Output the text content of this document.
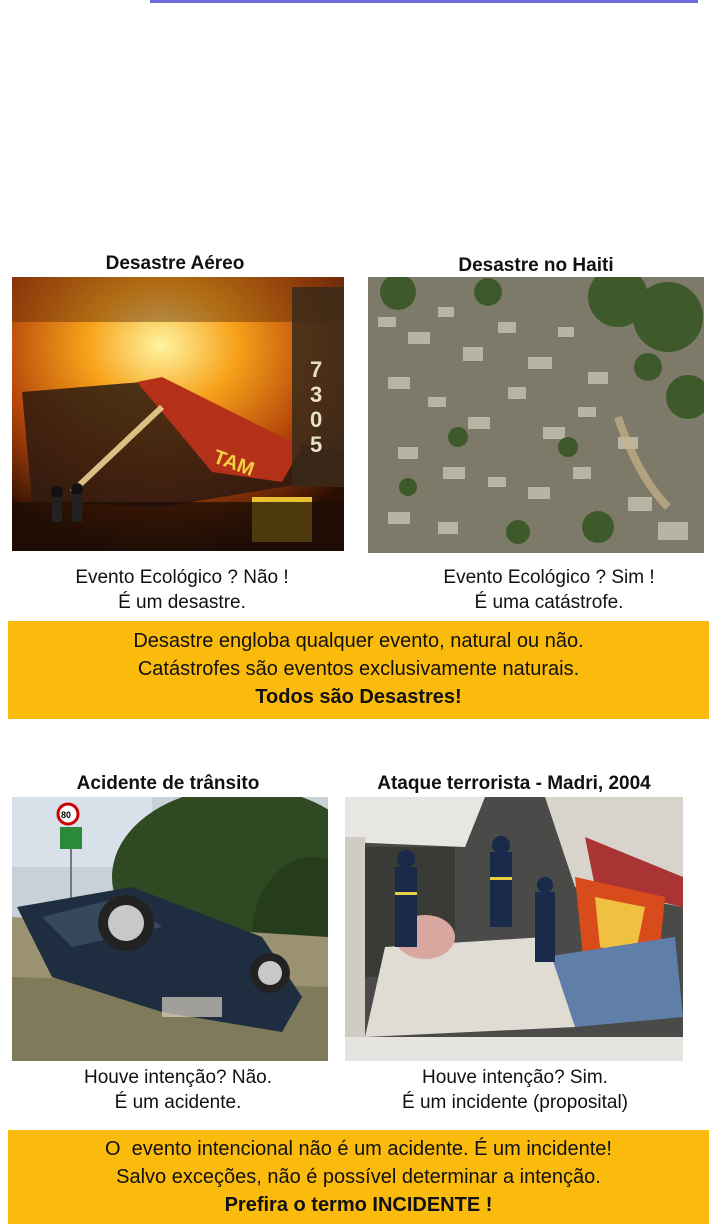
Desastre Aéreo	Desastre no Haiti
TAM
7
3
0
5
Evento Ecológico ? Não !
É um desastre.
Evento Ecológico ? Sim !
É uma catástrofe.
Desastre engloba qualquer evento, natural ou não.
Catástrofes são eventos exclusivamente naturais.
Todos são Desastres!
Acidente de trânsito	Ataque terrorista - Madri, 2004
80
Houve intenção? Não.
É um acidente.
Houve intenção? Sim.
É um incidente (proposital)
O  evento intencional não é um acidente. É um incidente!
Salvo exceções, não é possível determinar a intenção.
Prefira o termo INCIDENTE !
